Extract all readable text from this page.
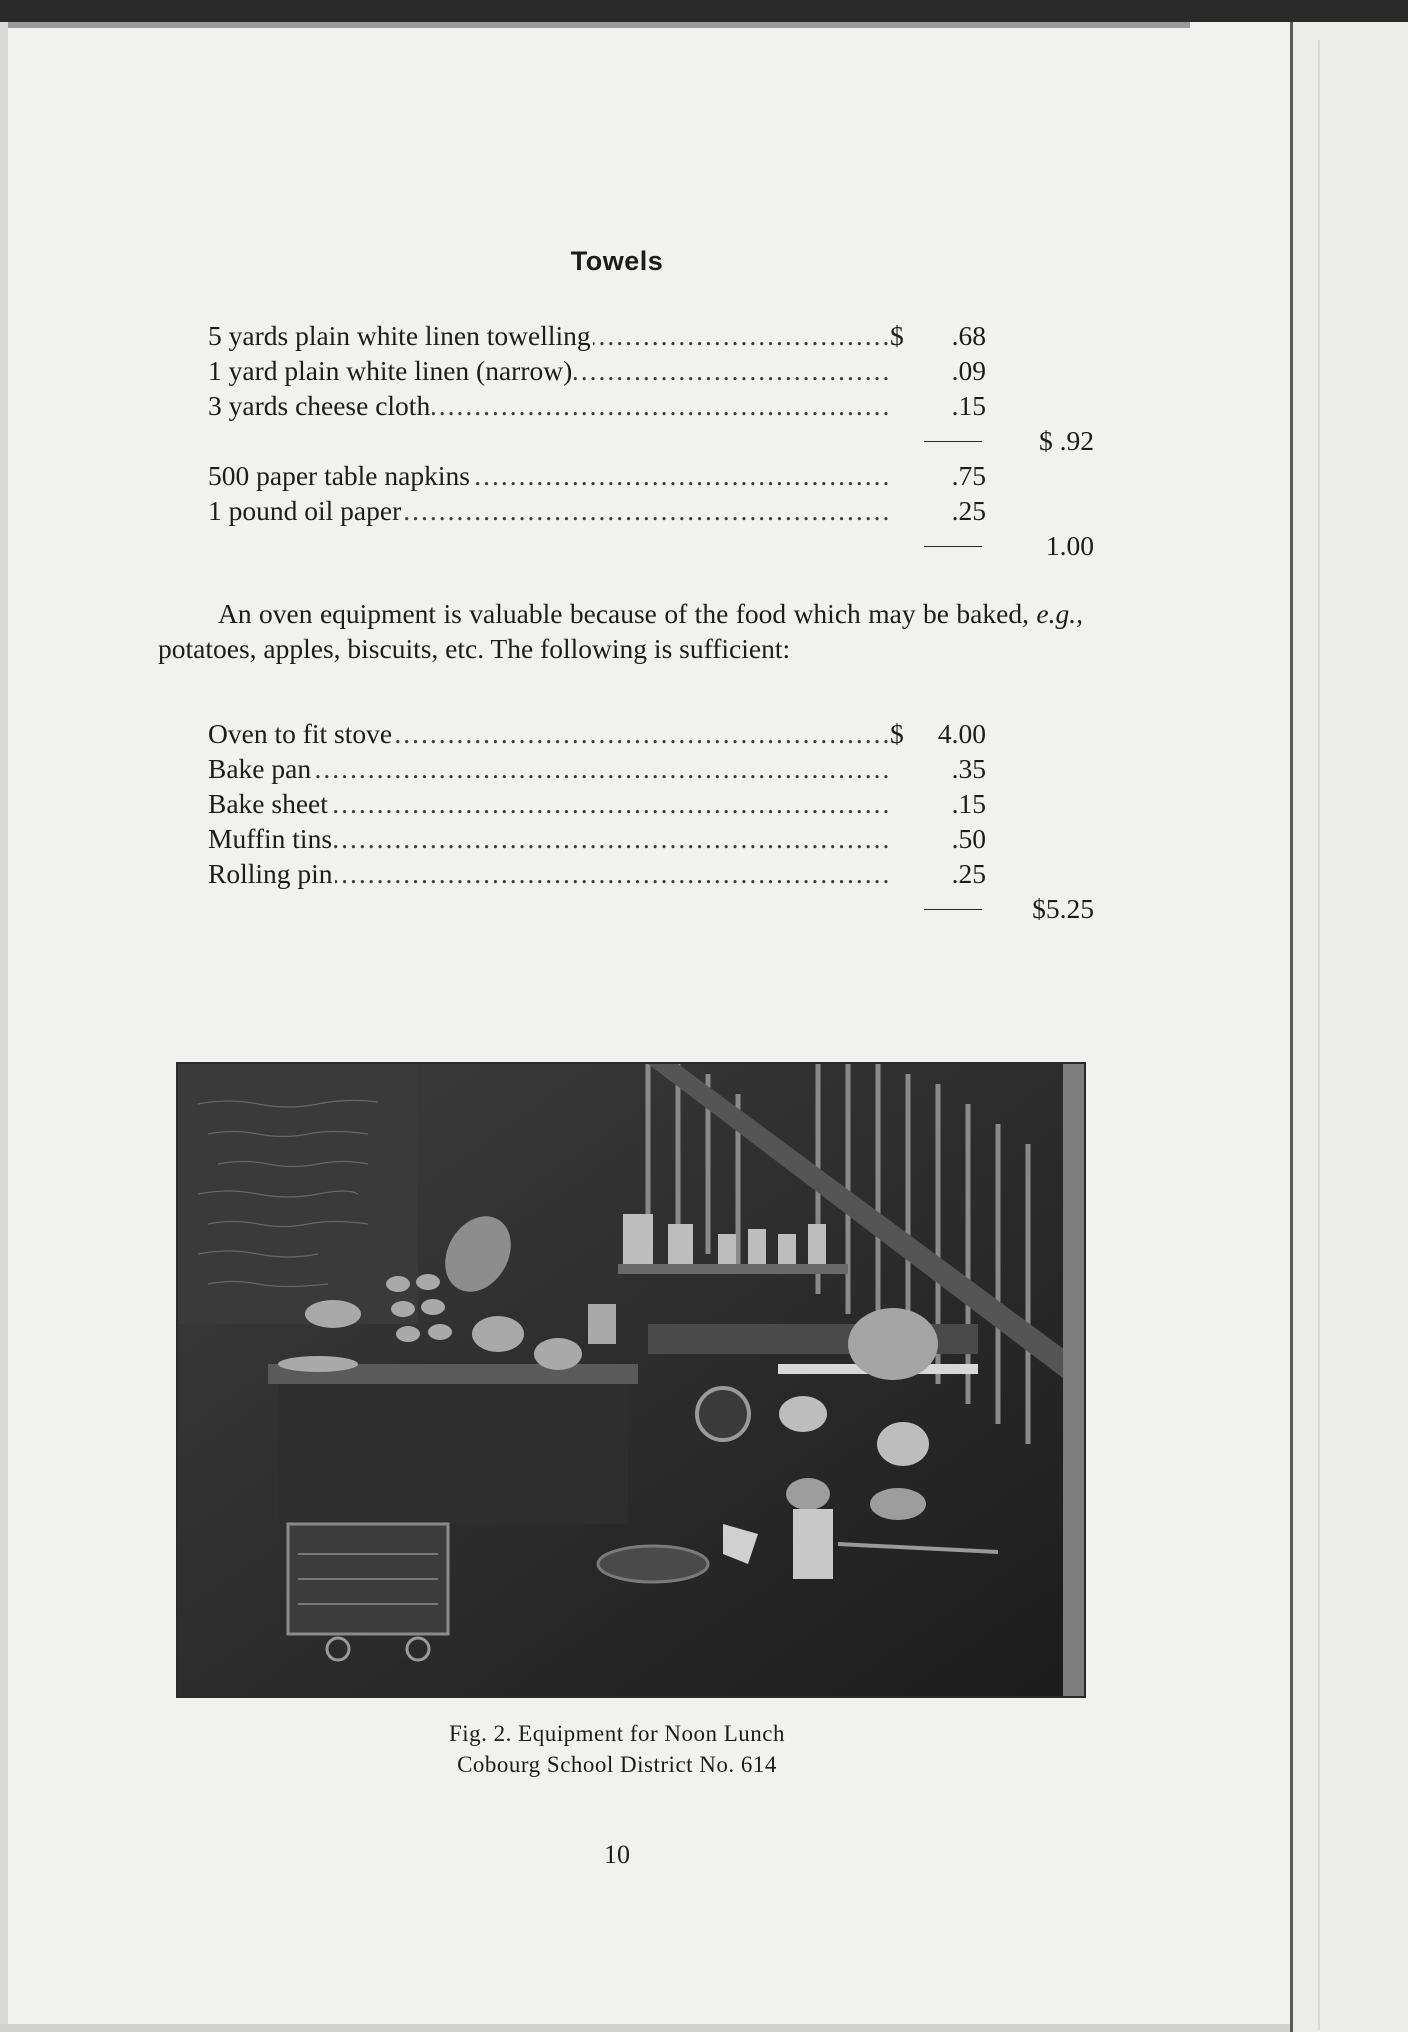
Towels
5 yards plain white linen towelling .....	$	.68
1 yard plain white linen (narrow) .....	.09
3 yards cheese cloth .....	.15
$ .92
500 paper table napkins .....	.75
1 pound oil paper .....	.25
1.00
An oven equipment is valuable because of the food which may be baked, e.g., potatoes, apples, biscuits, etc. The following is sufficient:
Oven to fit stove .....	$	4.00
Bake pan .....	.35
Bake sheet .....	.15
Muffin tins .....	.50
Rolling pin .....	.25
$5.25
Fig. 2. Equipment for Noon Lunch
Cobourg School District No. 614
10
